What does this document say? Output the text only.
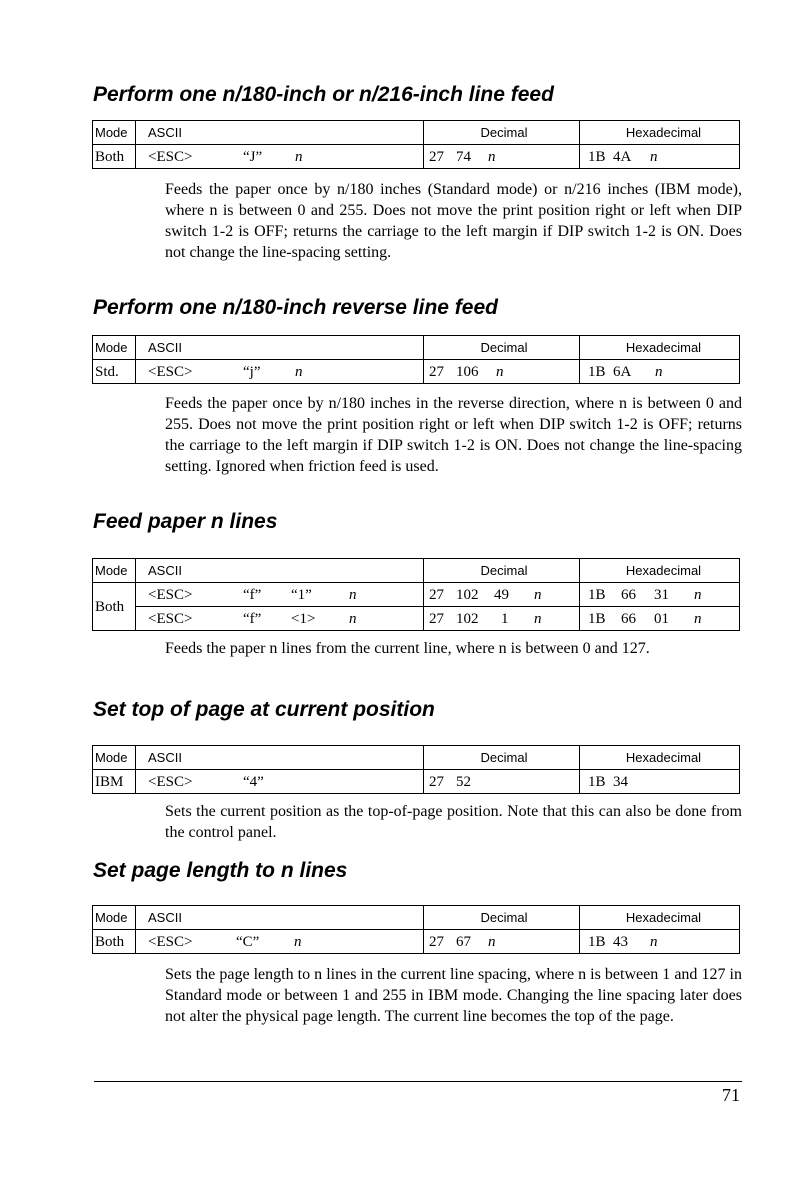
Perform one n/180-inch or n/216-inch line feed
Mode	ASCII	Decimal	Hexadecimal
Both	<ESC> “J” n	27 74 n	1B 4A n

Feeds the paper once by n/180 inches (Standard mode) or n/216 inches (IBM mode), where n is between 0 and 255. Does not move the print position right or left when DIP switch 1-2 is OFF; returns the carriage to the left margin if DIP switch 1-2 is ON. Does not change the line-spacing setting.

Perform one n/180-inch reverse line feed
Mode	ASCII	Decimal	Hexadecimal
Std.	<ESC> “j” n	27 106 n	1B 6A n

Feeds the paper once by n/180 inches in the reverse direction, where n is between 0 and 255. Does not move the print position right or left when DIP switch 1-2 is OFF; returns the carriage to the left margin if DIP switch 1-2 is ON. Does not change the line-spacing setting. Ignored when friction feed is used.

Feed paper n lines
Mode	ASCII	Decimal	Hexadecimal
Both	<ESC> “f” “1” n	27 102 49 n	1B 66 31 n
	<ESC> “f” <1> n	27 102 1 n	1B 66 01 n

Feeds the paper n lines from the current line, where n is between 0 and 127.

Set top of page at current position
Mode	ASCII	Decimal	Hexadecimal
IBM	<ESC> “4”	27 52	1B 34

Sets the current position as the top-of-page position. Note that this can also be done from the control panel.

Set page length to n lines
Mode	ASCII	Decimal	Hexadecimal
Both	<ESC> “C” n	27 67 n	1B 43 n

Sets the page length to n lines in the current line spacing, where n is between 1 and 127 in Standard mode or between 1 and 255 in IBM mode. Changing the line spacing later does not alter the physical page length. The current line becomes the top of the page.

71
